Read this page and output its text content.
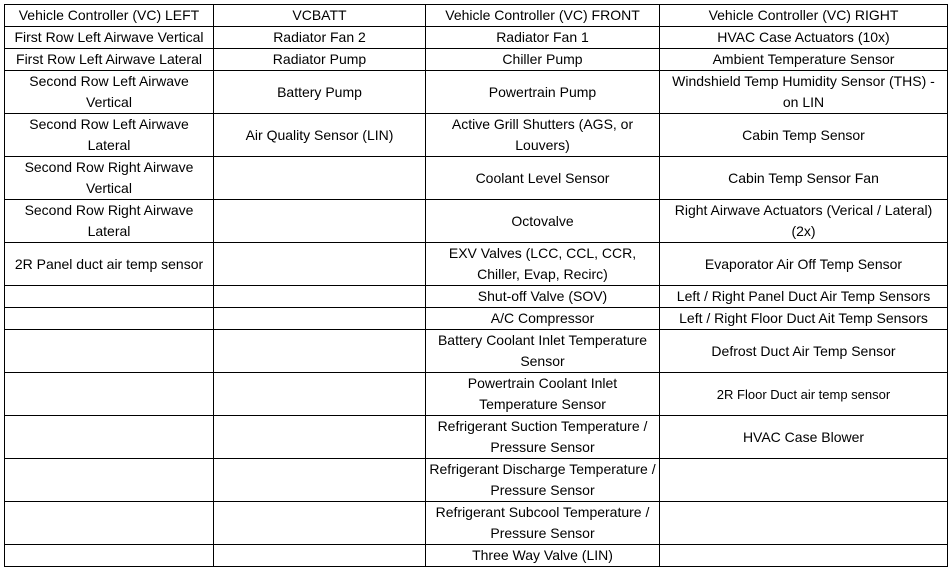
Vehicle Controller (VC) LEFT	VCBATT	Vehicle Controller (VC) FRONT	Vehicle Controller (VC) RIGHT
First Row Left Airwave Vertical	Radiator Fan 2	Radiator Fan 1	HVAC Case Actuators (10x)
First Row Left Airwave Lateral	Radiator Pump	Chiller Pump	Ambient Temperature Sensor
Second Row Left Airwave Vertical	Battery Pump	Powertrain Pump	Windshield Temp Humidity Sensor (THS) - on LIN
Second Row Left Airwave Lateral	Air Quality Sensor (LIN)	Active Grill Shutters (AGS, or Louvers)	Cabin Temp Sensor
Second Row Right Airwave Vertical		Coolant Level Sensor	Cabin Temp Sensor Fan
Second Row Right Airwave Lateral		Octovalve	Right Airwave Actuators (Verical / Lateral) (2x)
2R Panel duct air temp sensor		EXV Valves (LCC, CCL, CCR, Chiller, Evap, Recirc)	Evaporator Air Off Temp Sensor
		Shut-off Valve (SOV)	Left / Right Panel Duct Air Temp Sensors
		A/C Compressor	Left / Right Floor Duct Ait Temp Sensors
		Battery Coolant Inlet Temperature Sensor	Defrost Duct Air Temp Sensor
		Powertrain Coolant Inlet Temperature Sensor	2R Floor Duct air temp sensor
		Refrigerant Suction Temperature / Pressure Sensor	HVAC Case Blower
		Refrigerant Discharge Temperature / Pressure Sensor	
		Refrigerant Subcool Temperature / Pressure Sensor	
		Three Way Valve (LIN)	
